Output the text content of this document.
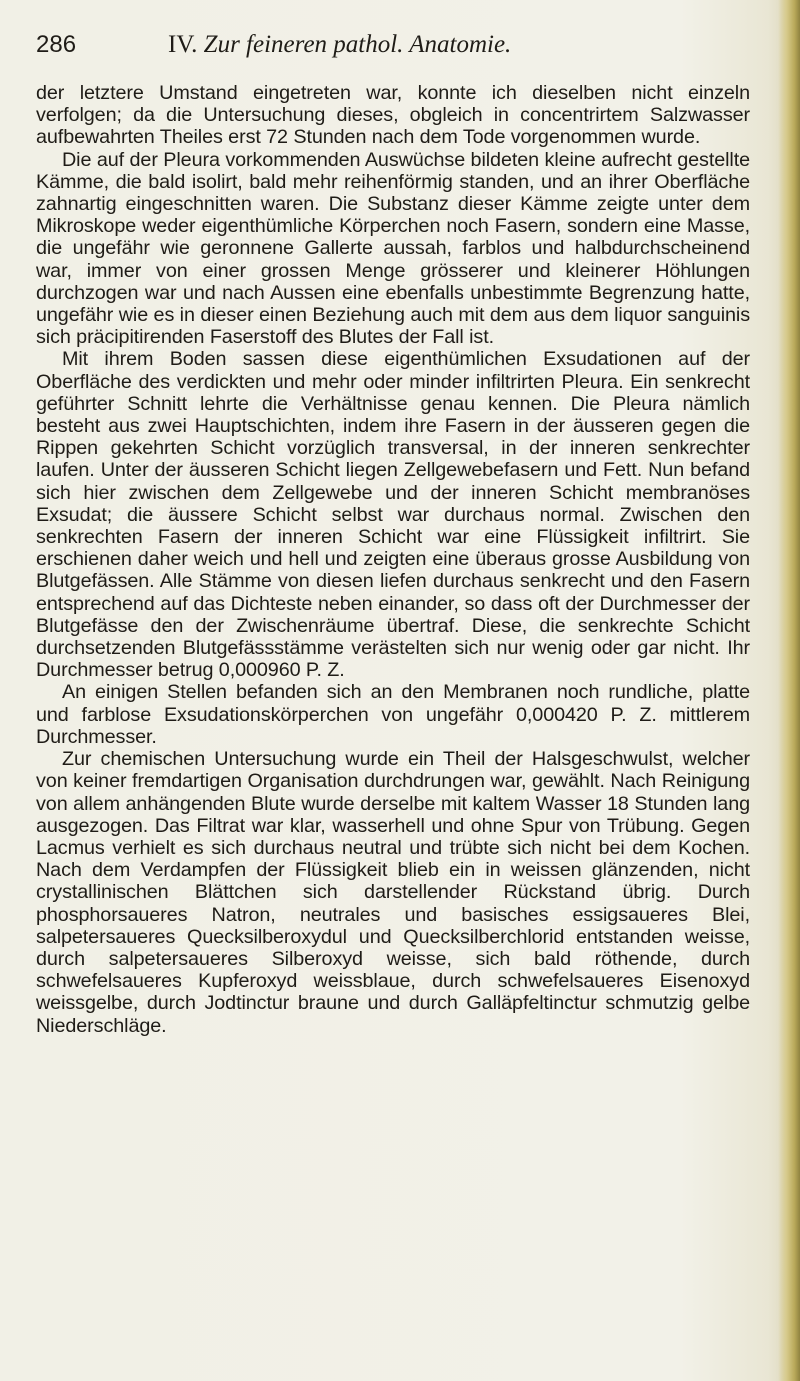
286	IV. Zur feineren pathol. Anatomie.

der letztere Umstand eingetreten war, konnte ich dieselben nicht einzeln verfolgen; da die Untersuchung dieses, obgleich in concentrirtem Salzwasser aufbewahrten Theiles erst 72 Stunden nach dem Tode vorgenommen wurde.

Die auf der Pleura vorkommenden Auswüchse bildeten kleine aufrecht gestellte Kämme, die bald isolirt, bald mehr reihenförmig standen, und an ihrer Oberfläche zahnartig eingeschnitten waren. Die Substanz dieser Kämme zeigte unter dem Mikroskope weder eigenthümliche Körperchen noch Fasern, sondern eine Masse, die ungefähr wie geronnene Gallerte aussah, farblos und halbdurchscheinend war, immer von einer grossen Menge grösserer und kleinerer Höhlungen durchzogen war und nach Aussen eine ebenfalls unbestimmte Begrenzung hatte, ungefähr wie es in dieser einen Beziehung auch mit dem aus dem liquor sanguinis sich präcipitirenden Faserstoff des Blutes der Fall ist.

Mit ihrem Boden sassen diese eigenthümlichen Exsudationen auf der Oberfläche des verdickten und mehr oder minder infiltrirten Pleura. Ein senkrecht geführter Schnitt lehrte die Verhältnisse genau kennen. Die Pleura nämlich besteht aus zwei Hauptschichten, indem ihre Fasern in der äusseren gegen die Rippen gekehrten Schicht vorzüglich transversal, in der inneren senkrechter laufen. Unter der äusseren Schicht liegen Zellgewebefasern und Fett. Nun befand sich hier zwischen dem Zellgewebe und der inneren Schicht membranöses Exsudat; die äussere Schicht selbst war durchaus normal. Zwischen den senkrechten Fasern der inneren Schicht war eine Flüssigkeit infiltrirt. Sie erschienen daher weich und hell und zeigten eine überaus grosse Ausbildung von Blutgefässen. Alle Stämme von diesen liefen durchaus senkrecht und den Fasern entsprechend auf das Dichteste neben einander, so dass oft der Durchmesser der Blutgefässe den der Zwischenräume übertraf. Diese, die senkrechte Schicht durchsetzenden Blutgefässstämme verästelten sich nur wenig oder gar nicht. Ihr Durchmesser betrug 0,000960 P. Z.

An einigen Stellen befanden sich an den Membranen noch rundliche, platte und farblose Exsudationskörperchen von ungefähr 0,000420 P. Z. mittlerem Durchmesser.

Zur chemischen Untersuchung wurde ein Theil der Halsgeschwulst, welcher von keiner fremdartigen Organisation durchdrungen war, gewählt. Nach Reinigung von allem anhängenden Blute wurde derselbe mit kaltem Wasser 18 Stunden lang ausgezogen. Das Filtrat war klar, wasserhell und ohne Spur von Trübung. Gegen Lacmus verhielt es sich durchaus neutral und trübte sich nicht bei dem Kochen. Nach dem Verdampfen der Flüssigkeit blieb ein in weissen glänzenden, nicht crystallinischen Blättchen sich darstellender Rückstand übrig. Durch phosphorsaueres Natron, neutrales und basisches essigsaueres Blei, salpetersaueres Quecksilberoxydul und Quecksilberchlorid entstanden weisse, durch salpetersaueres Silberoxyd weisse, sich bald röthende, durch schwefelsaueres Kupferoxyd weissblaue, durch schwefelsaueres Eisenoxyd weissgelbe, durch Jodtinctur braune und durch Galläpfeltinctur schmutzig gelbe Niederschläge.
